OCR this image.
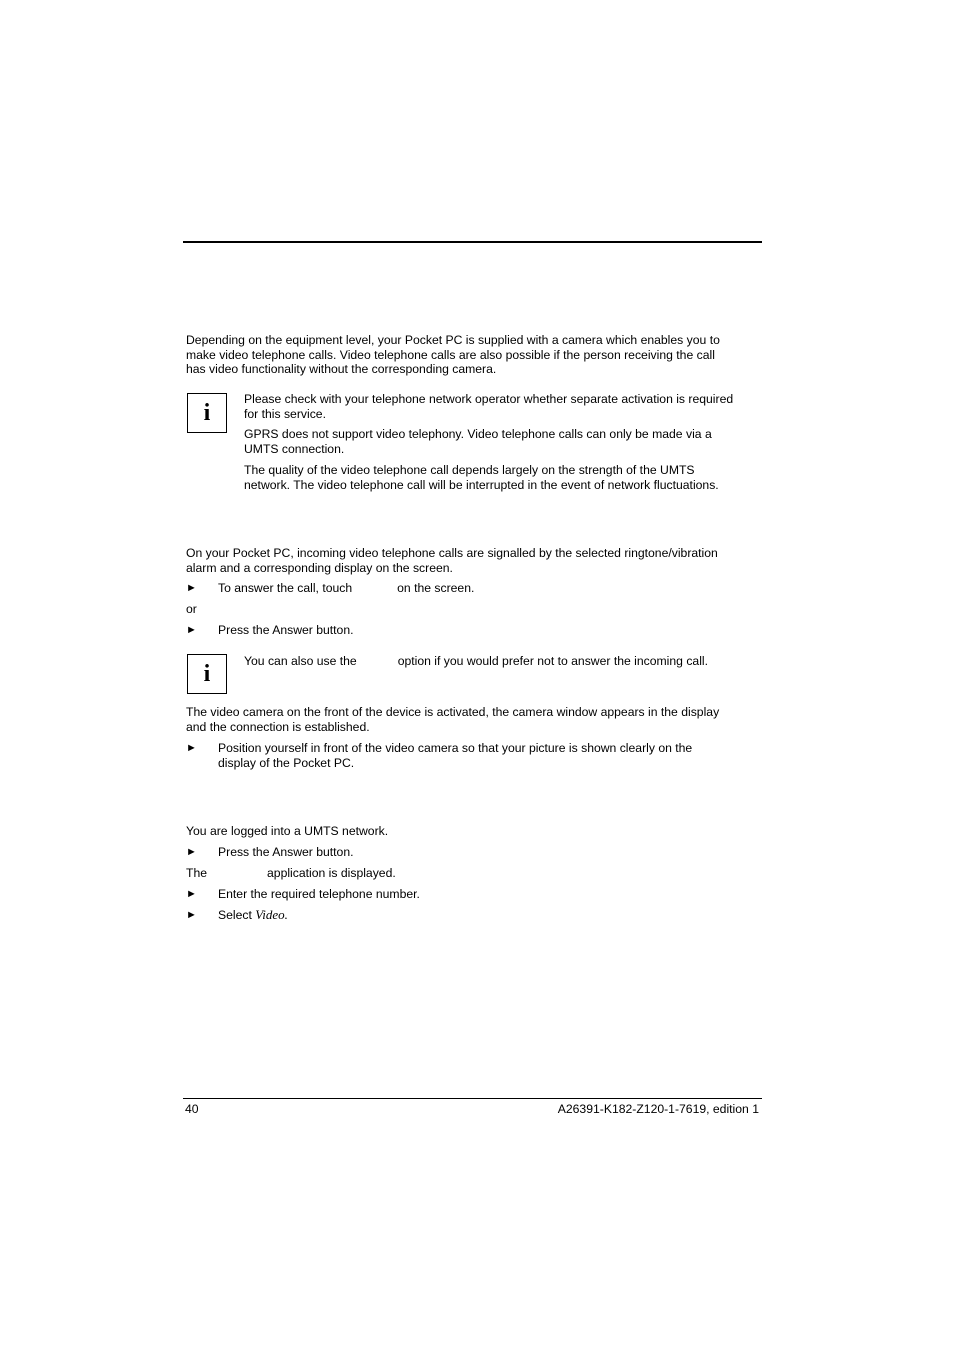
Depending on the equipment level, your Pocket PC is supplied with a camera which enables you to
make video telephone calls. Video telephone calls are also possible if the person receiving the call
has video functionality without the corresponding camera.

i

Please check with your telephone network operator whether separate activation is required
for this service.

GPRS does not support video telephony. Video telephone calls can only be made via a
UMTS connection.

The quality of the video telephone call depends largely on the strength of the UMTS
network. The video telephone call will be interrupted in the event of network fluctuations.

On your Pocket PC, incoming video telephone calls are signalled by the selected ringtone/vibration
alarm and a corresponding display on the screen.

► To answer the call, touch	on the screen.

or

► Press the Answer button.
i	You can also use the	option if you would prefer not to answer the incoming call.

The video camera on the front of the device is activated, the camera window appears in the display
and the connection is established.

► Position yourself in front of the video camera so that your picture is shown clearly on the
display of the Pocket PC.

You are logged into a UMTS network.

► Press the Answer button.

The	application is displayed.

► Enter the required telephone number.
► Select Video.

40	A26391-K182-Z120-1-7619, edition 1
